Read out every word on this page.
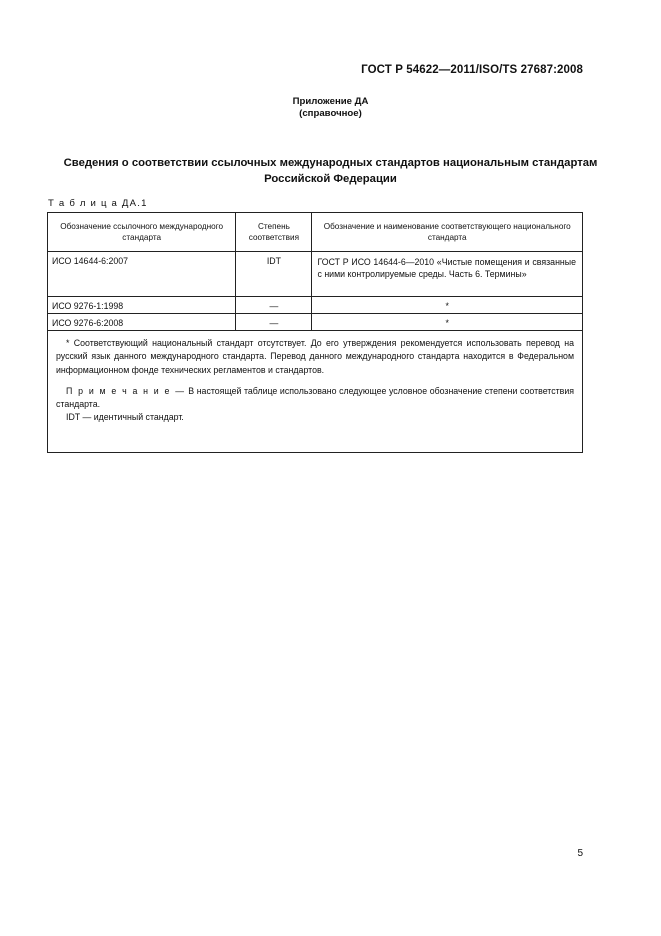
ГОСТ Р 54622—2011/ISO/TS 27687:2008
Приложение ДА
(справочное)
Сведения о соответствии ссылочных международных стандартов национальным стандартам Российской Федерации
Т а б л и ц а ДА.1
Обозначение ссылочного международного стандарта	Степень соответствия	Обозначение и наименование соответствующего национального стандарта

ИСО 14644-6:2007	IDT	ГОСТ Р ИСО 14644-6—2010 «Чистые помещения и связанные с ними контролируемые среды. Часть 6. Термины»
ИСО 9276-1:1998	—	*
ИСО 9276-6:2008	—	*

* Соответствующий национальный стандарт отсутствует. До его утверждения рекомендуется использовать перевод на русский язык данного международного стандарта. Перевод данного международного стандарта находится в Федеральном информационном фонде технических регламентов и стандартов.

П р и м е ч а н и е — В настоящей таблице использовано следующее условное обозначение степени соответствия стандарта.

IDT — идентичный стандарт.		

5
